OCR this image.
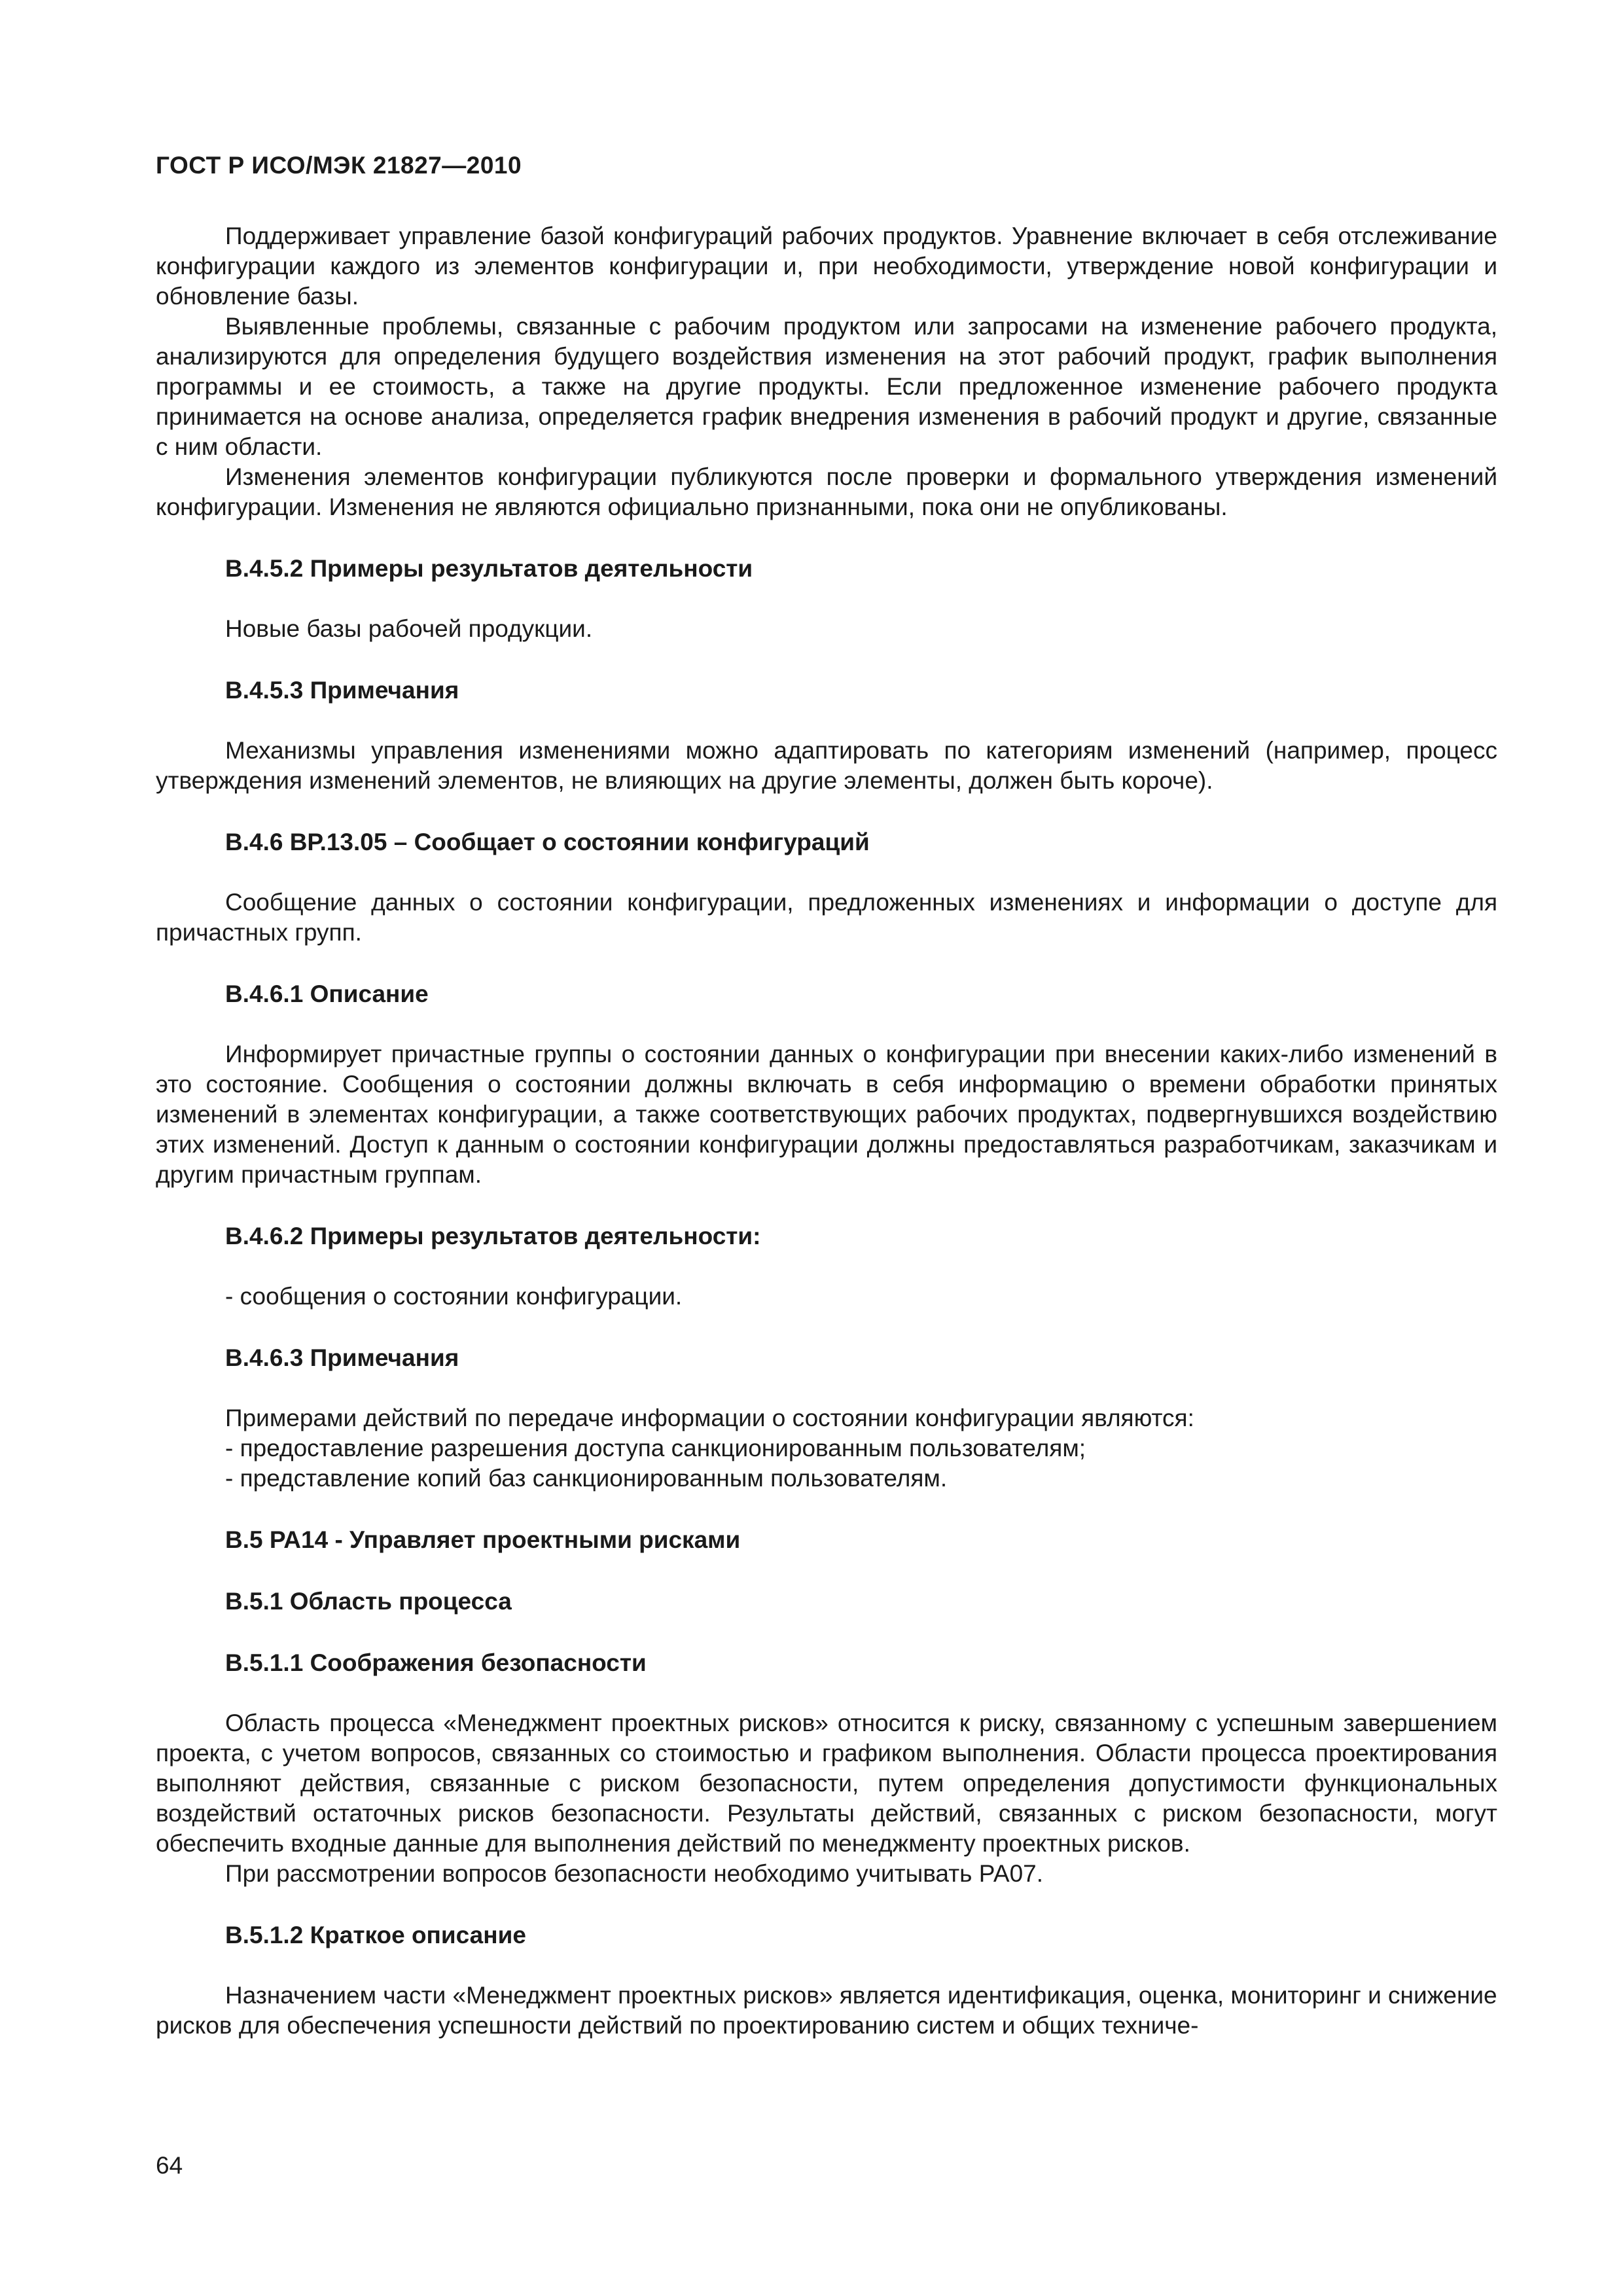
ГОСТ Р ИСО/МЭК 21827—2010

Поддерживает управление базой конфигураций рабочих продуктов. Уравнение включает в себя отслеживание конфигурации каждого из элементов конфигурации и, при необходимости, утверждение новой конфигурации и обновление базы.

Выявленные проблемы, связанные с рабочим продуктом или запросами на изменение рабочего продукта, анализируются для определения будущего воздействия изменения на этот рабочий продукт, график выполнения программы и ее стоимость, а также на другие продукты. Если предложенное изменение рабочего продукта принимается на основе анализа, определяется график внедрения изменения в рабочий продукт и другие, связанные с ним области.

Изменения элементов конфигурации публикуются после проверки и формального утверждения изменений конфигурации. Изменения не являются официально признанными, пока они не опубликованы.

В.4.5.2 Примеры результатов деятельности

Новые базы рабочей продукции.

В.4.5.3 Примечания

Механизмы управления изменениями можно адаптировать по категориям изменений (например, процесс утверждения изменений элементов, не влияющих на другие элементы, должен быть короче).

В.4.6 ВР.13.05 – Сообщает о состоянии конфигураций

Сообщение данных о состоянии конфигурации, предложенных изменениях и информации о доступе для причастных групп.

В.4.6.1 Описание

Информирует причастные группы о состоянии данных о конфигурации при внесении каких-либо изменений в это состояние. Сообщения о состоянии должны включать в себя информацию о времени обработки принятых изменений в элементах конфигурации, а также соответствующих рабочих продуктах, подвергнувшихся воздействию этих изменений. Доступ к данным о состоянии конфигурации должны предоставляться разработчикам, заказчикам и другим причастным группам.

В.4.6.2 Примеры результатов деятельности:

- сообщения о состоянии конфигурации.

В.4.6.3 Примечания

Примерами действий по передаче информации о состоянии конфигурации являются:

- предоставление разрешения доступа санкционированным пользователям;

- представление копий баз санкционированным пользователям.

В.5 РА14 - Управляет проектными рисками
В.5.1 Область процесса
В.5.1.1 Соображения безопасности

Область процесса «Менеджмент проектных рисков» относится к риску, связанному с успешным завершением проекта, с учетом вопросов, связанных со стоимостью и графиком выполнения. Области процесса проектирования выполняют действия, связанные с риском безопасности, путем определения допустимости функциональных воздействий остаточных рисков безопасности. Результаты действий, связанных с риском безопасности, могут обеспечить входные данные для выполнения действий по менеджменту проектных рисков.

При рассмотрении вопросов безопасности необходимо учитывать РА07.

В.5.1.2 Краткое описание

Назначением части «Менеджмент проектных рисков» является идентификация, оценка, мониторинг и снижение рисков для обеспечения успешности действий по проектированию систем и общих техниче-

64
